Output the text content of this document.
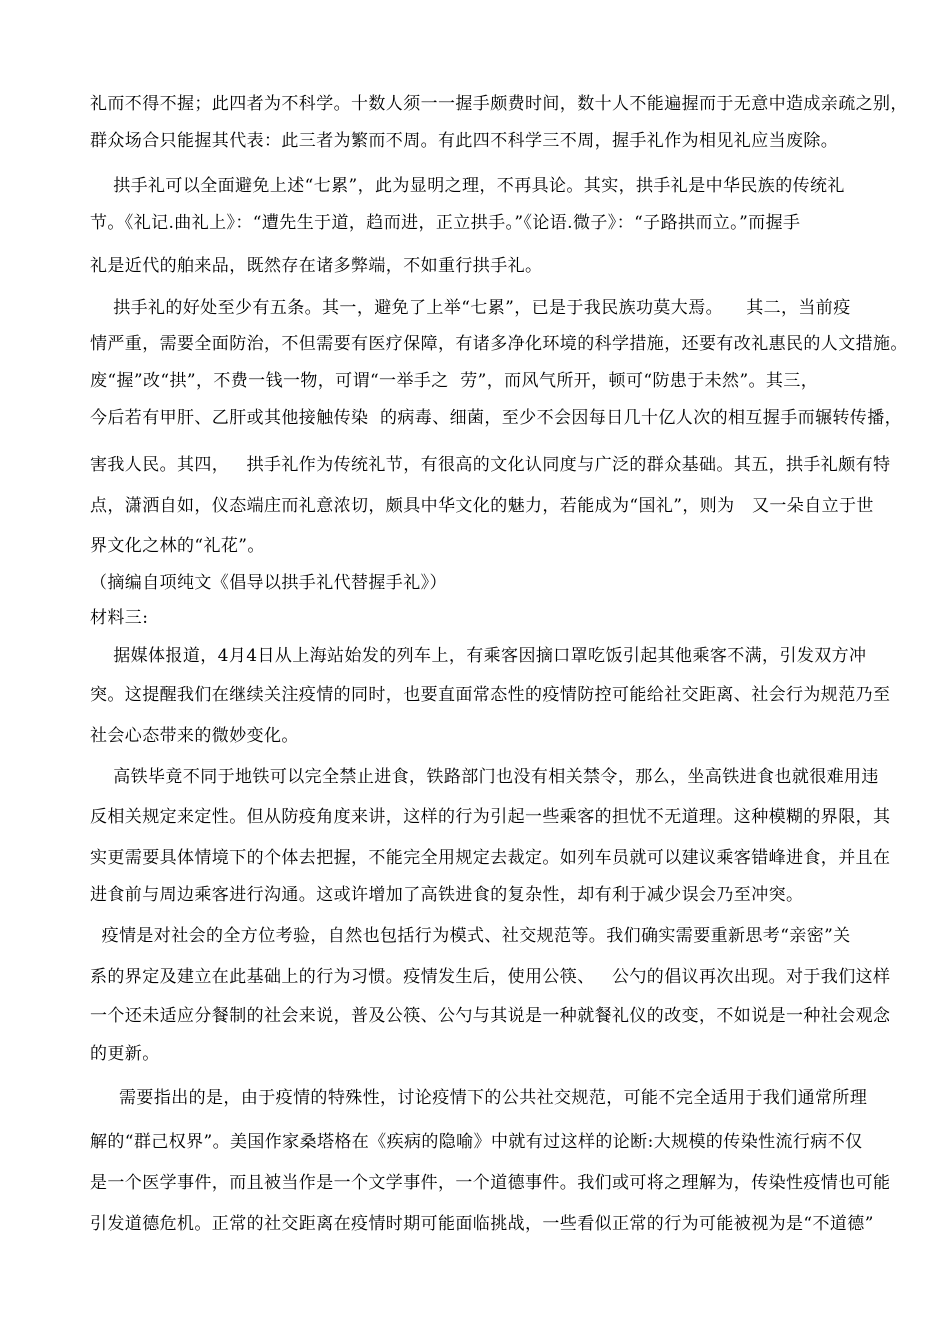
礼而不得不握；此四者为不科学。十数人须一一握手颇费时间，数十人不能遍握而于无意中造成亲疏之别，
群众场合只能握其代表：此三者为繁而不周。有此四不科学三不周，握手礼作为相见礼应当废除。
拱手礼可以全面避免上述“七累”，此为显明之理，不再具论。其实，拱手礼是中华民族的传统礼
节。《礼记.曲礼上》：“遭先生于道，趋而进，正立拱手。”《论语.微子》：“子路拱而立。”而握手
礼是近代的舶来品，既然存在诸多弊端，不如重行拱手礼。
拱手礼的好处至少有五条。其一，避免了上举“七累”，已是于我民族功莫大焉。    其二，当前疫
情严重，需要全面防治，不但需要有医疗保障，有诸多净化环境的科学措施，还要有改礼惠民的人文措施。
废“握”改“拱”，不费一钱一物，可谓“一举手之  劳”，而风气所开，顿可“防患于未然”。其三，
今后若有甲肝、乙肝或其他接触传染  的病毒、细菌，至少不会因每日几十亿人次的相互握手而辗转传播，
害我人民。其四，   拱手礼作为传统礼节，有很高的文化认同度与广泛的群众基础。其五，拱手礼颇有特
点，潇洒自如，仪态端庄而礼意浓切，颇具中华文化的魅力，若能成为“国礼”，则为   又一朵自立于世
界文化之林的“礼花”。
（摘编自项纯文《倡导以拱手礼代替握手礼》）
材料三:
据媒体报道，4月4日从上海站始发的列车上，有乘客因摘口罩吃饭引起其他乘客不满，引发双方冲
突。这提醒我们在继续关注疫情的同时，也要直面常态性的疫情防控可能给社交距离、社会行为规范乃至
社会心态带来的微妙变化。
高铁毕竟不同于地铁可以完全禁止进食，铁路部门也没有相关禁令，那么，坐高铁进食也就很难用违
反相关规定来定性。但从防疫角度来讲，这样的行为引起一些乘客的担忧不无道理。这种模糊的界限，其
实更需要具体情境下的个体去把握，不能完全用规定去裁定。如列车员就可以建议乘客错峰进食，并且在
进食前与周边乘客进行沟通。这或许增加了高铁进食的复杂性，却有利于减少误会乃至冲突。
疫情是对社会的全方位考验，自然也包括行为模式、社交规范等。我们确实需要重新思考“亲密”关
系的界定及建立在此基础上的行为习惯。疫情发生后，使用公筷、   公勺的倡议再次出现。对于我们这样
一个还未适应分餐制的社会来说，普及公筷、公勺与其说是一种就餐礼仪的改变，不如说是一种社会观念
的更新。
需要指出的是，由于疫情的特殊性，讨论疫情下的公共社交规范，可能不完全适用于我们通常所理
解的“群己权界”。美国作家桑塔格在《疾病的隐喻》中就有过这样的论断:大规模的传染性流行病不仅
是一个医学事件，而且被当作是一个文学事件，一个道德事件。我们或可将之理解为，传染性疫情也可能
引发道德危机。正常的社交距离在疫情时期可能面临挑战，一些看似正常的行为可能被视为是“不道德”
